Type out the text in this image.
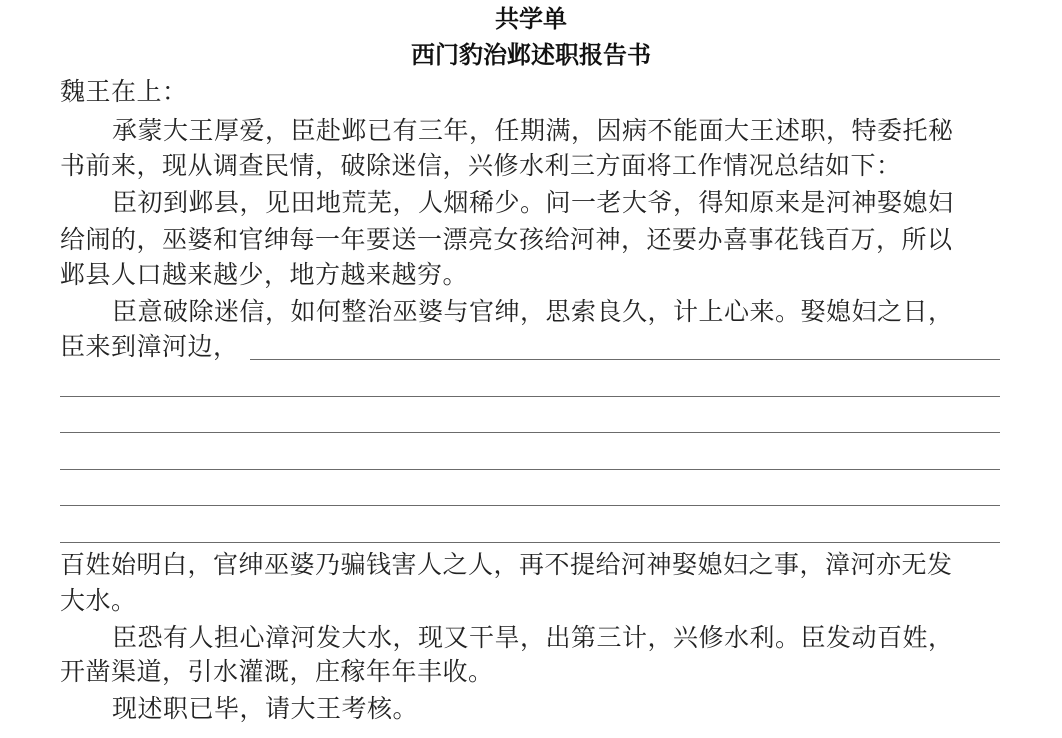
共学单
西门豹治邺述职报告书
魏王在上：
承蒙大王厚爱，臣赴邺已有三年，任期满，因病不能面大王述职，特委托秘
书前来，现从调查民情，破除迷信，兴修水利三方面将工作情况总结如下：
臣初到邺县，见田地荒芜，人烟稀少。问一老大爷，得知原来是河神娶媳妇
给闹的，巫婆和官绅每一年要送一漂亮女孩给河神，还要办喜事花钱百万，所以
邺县人口越来越少，地方越来越穷。
臣意破除迷信，如何整治巫婆与官绅，思索良久，计上心来。娶媳妇之日，
臣来到漳河边，
百姓始明白，官绅巫婆乃骗钱害人之人，再不提给河神娶媳妇之事，漳河亦无发
大水。
臣恐有人担心漳河发大水，现又干旱，出第三计，兴修水利。臣发动百姓，
开凿渠道，引水灌溉，庄稼年年丰收。
现述职已毕，请大王考核。
